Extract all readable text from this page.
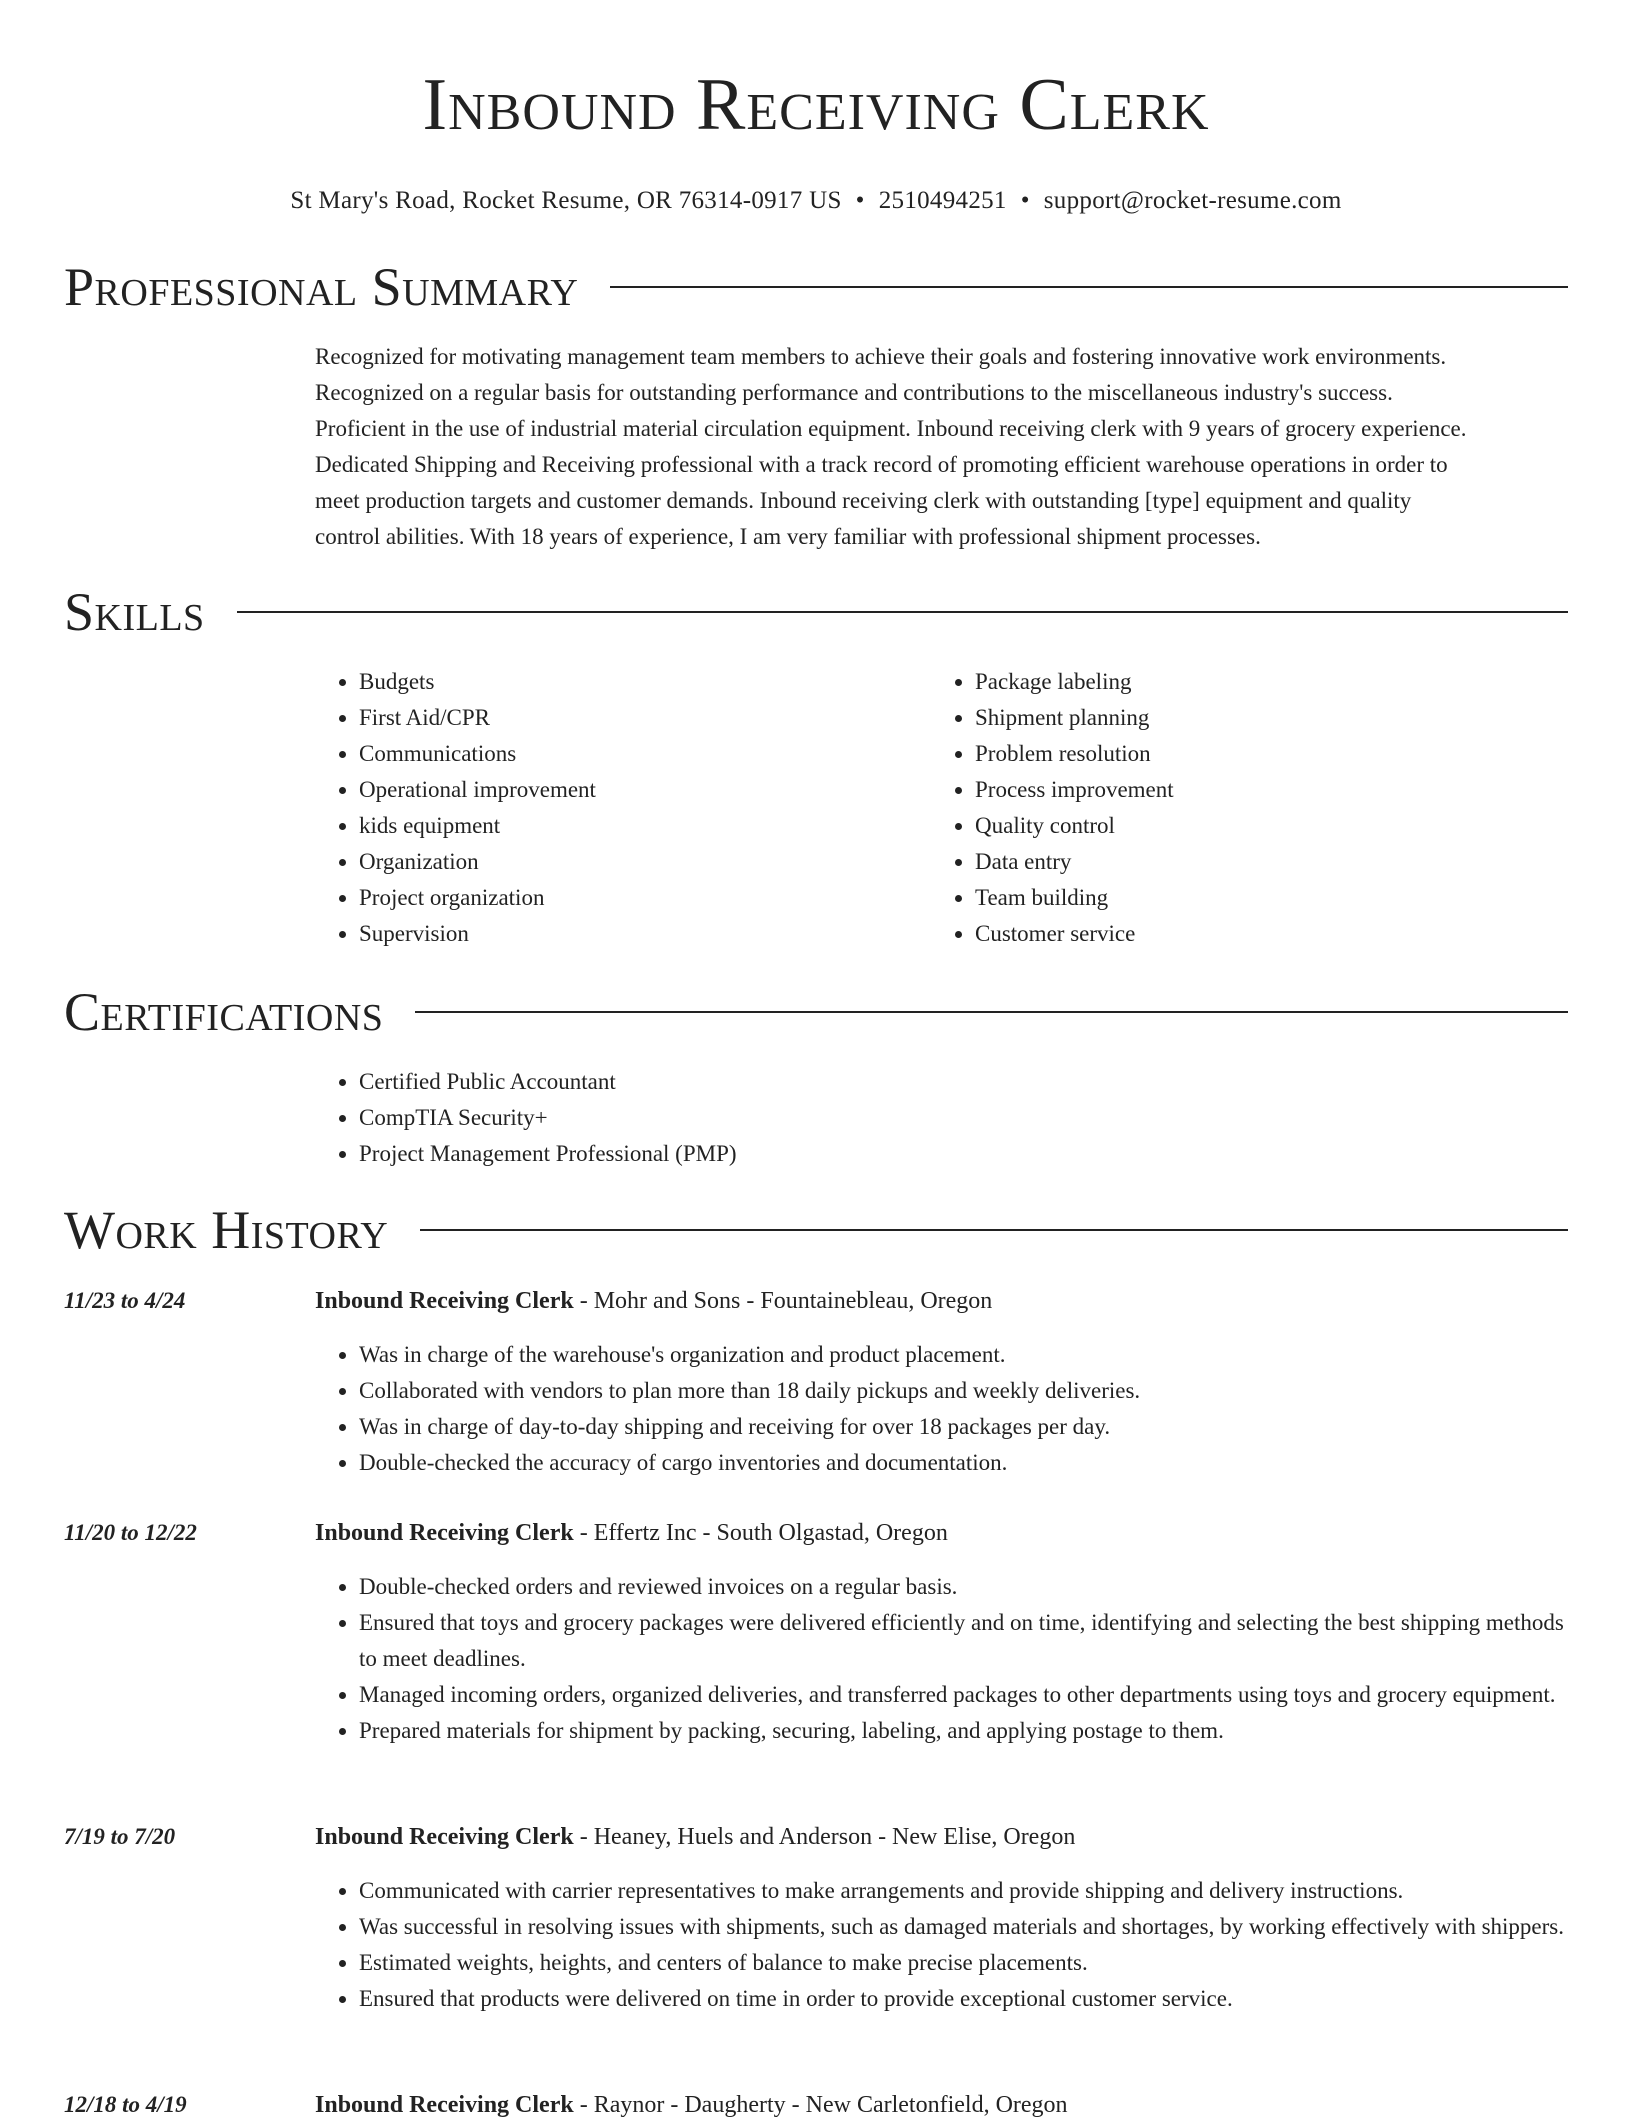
Inbound Receiving Clerk
St Mary's Road, Rocket Resume, OR 76314-0917 US • 2510494251 • support@rocket-resume.com
Professional Summary
Recognized for motivating management team members to achieve their goals and fostering innovative work environments.
Recognized on a regular basis for outstanding performance and contributions to the miscellaneous industry's success.
Proficient in the use of industrial material circulation equipment. Inbound receiving clerk with 9 years of grocery experience.
Dedicated Shipping and Receiving professional with a track record of promoting efficient warehouse operations in order to
meet production targets and customer demands. Inbound receiving clerk with outstanding [type] equipment and quality
control abilities. With 18 years of experience, I am very familiar with professional shipment processes.
Skills
• Budgets
• First Aid/CPR
• Communications
• Operational improvement
• kids equipment
• Organization
• Project organization
• Supervision
• Package labeling
• Shipment planning
• Problem resolution
• Process improvement
• Quality control
• Data entry
• Team building
• Customer service
Certifications
• Certified Public Accountant
• CompTIA Security+
• Project Management Professional (PMP)
Work History
11/23 to 4/24	Inbound Receiving Clerk - Mohr and Sons - Fountainebleau, Oregon
• Was in charge of the warehouse's organization and product placement.
• Collaborated with vendors to plan more than 18 daily pickups and weekly deliveries.
• Was in charge of day-to-day shipping and receiving for over 18 packages per day.
• Double-checked the accuracy of cargo inventories and documentation.
11/20 to 12/22	Inbound Receiving Clerk - Effertz Inc - South Olgastad, Oregon
• Double-checked orders and reviewed invoices on a regular basis.
• Ensured that toys and grocery packages were delivered efficiently and on time, identifying and selecting the best shipping methods to meet deadlines.
• Managed incoming orders, organized deliveries, and transferred packages to other departments using toys and grocery equipment.
• Prepared materials for shipment by packing, securing, labeling, and applying postage to them.
7/19 to 7/20	Inbound Receiving Clerk - Heaney, Huels and Anderson - New Elise, Oregon
• Communicated with carrier representatives to make arrangements and provide shipping and delivery instructions.
• Was successful in resolving issues with shipments, such as damaged materials and shortages, by working effectively with shippers.
• Estimated weights, heights, and centers of balance to make precise placements.
• Ensured that products were delivered on time in order to provide exceptional customer service.
12/18 to 4/19	Inbound Receiving Clerk - Raynor - Daugherty - New Carletonfield, Oregon
